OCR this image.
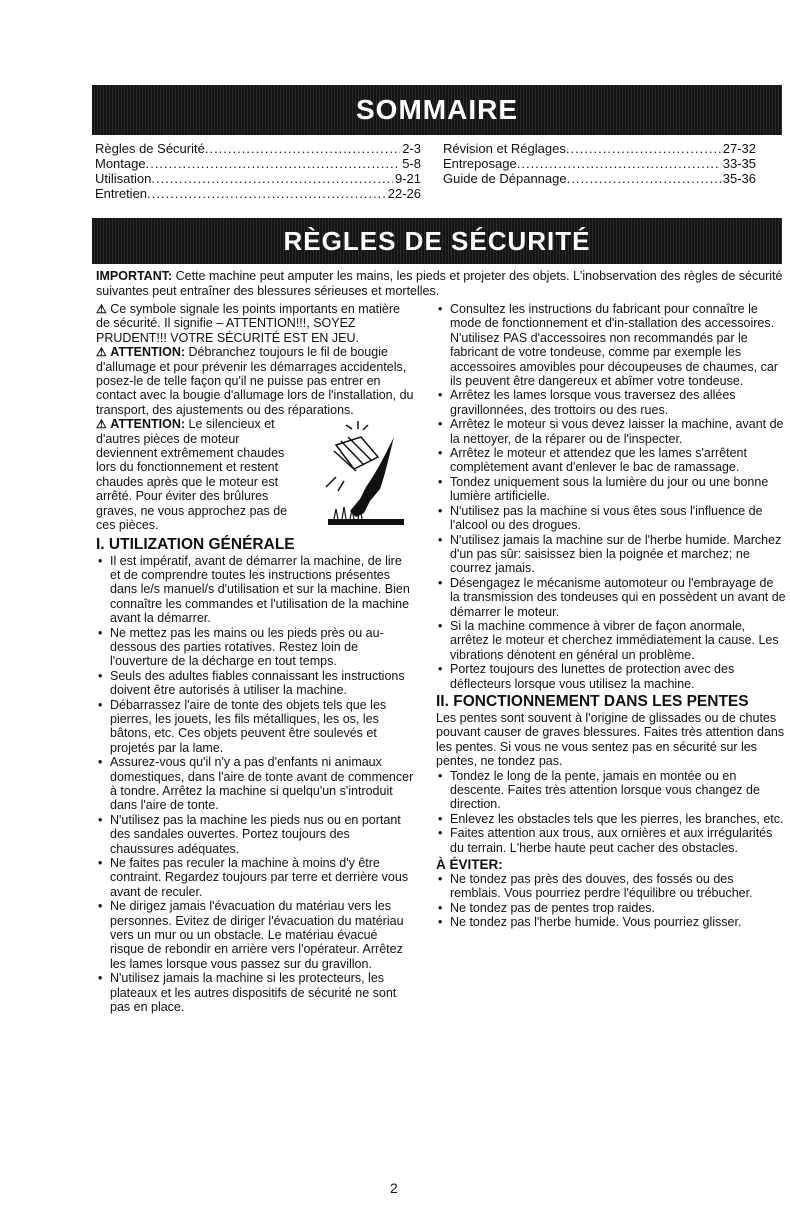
SOMMAIRE
Règles de Sécurité .....	2-3
Montage .....	5-8
Utilisation .....	9-21
Entretien .....	22-26
Révision et Réglages .....	27-32
Entreposage .....	33-35
Guide de Dépannage .....	35-36
RÈGLES DE SÉCURITÉ
IMPORTANT: Cette machine peut amputer les mains, les pieds et projeter des objets. L'inobservation des règles de sécurité suivantes peut entraîner des blessures sérieuses et mortelles.

⚠ Ce symbole signale les points importants en matière de sécurité. Il signifie – ATTENTION!!!, SOYEZ PRUDENT!!! VOTRE SÉCURITÉ EST EN JEU.

⚠ ATTENTION: Débranchez toujours le fil de bougie d'allumage et pour prévenir les démarrages accidentels, posez-le de telle façon qu'il ne puisse pas entrer en contact avec la bougie d'allumage lors de l'installation, du transport, des ajustements ou des réparations.

⚠ ATTENTION: Le silencieux et d'autres pièces de moteur deviennent extrêmement chaudes lors du fonctionnement et restent chaudes après que le moteur est arrêté. Pour éviter des brûlures graves, ne vous approchez pas de ces pièces.

I. UTILIZATION GÉNÉRALE
• Il est impératif, avant de démarrer la machine, de lire et de comprendre toutes les instructions présentes dans le/s manuel/s d'utilisation et sur la machine. Bien connaître les commandes et l'utilisation de la machine avant la démarrer.
• Ne mettez pas les mains ou les pieds près ou au-dessous des parties rotatives. Restez loin de l'ouverture de la décharge en tout temps.
• Seuls des adultes fiables connaissant les instructions doivent être autorisés à utiliser la machine.
• Débarrassez l'aire de tonte des objets tels que les pierres, les jouets, les fils métalliques, les os, les bâtons, etc. Ces objets peuvent être soulevés et projetés par la lame.
• Assurez-vous qu'il n'y a pas d'enfants ni animaux domestiques, dans l'aire de tonte avant de commencer à tondre. Arrêtez la machine si quelqu'un s'introduit dans l'aire de tonte.
• N'utilisez pas la machine les pieds nus ou en portant des sandales ouvertes. Portez toujours des chaussures adéquates.
• Ne faites pas reculer la machine à moins d'y être contraint. Regardez toujours par terre et derrière vous avant de reculer.
• Ne dirigez jamais l'évacuation du matériau vers les personnes. Evitez de diriger l'évacuation du matériau vers un mur ou un obstacle. Le matériau évacué risque de rebondir en arrière vers l'opérateur. Arrêtez les lames lorsque vous passez sur du gravillon.
• N'utilisez jamais la machine si les protecteurs, les plateaux et les autres dispositifs de sécurité ne sont pas en place.
• Consultez les instructions du fabricant pour connaître le mode de fonctionnement et d'in-stallation des accessoires. N'utilisez PAS d'accessoires non recommandés par le fabricant de votre tondeuse, comme par exemple les accessoires amovibles pour découpeuses de chaumes, car ils peuvent être dangereux et abîmer votre tondeuse.
• Arrêtez les lames lorsque vous traversez des allées gravillonnées, des trottoirs ou des rues.
• Arrêtez le moteur si vous devez laisser la machine, avant de la nettoyer, de la réparer ou de l'inspecter.
• Arrêtez le moteur et attendez que les lames s'arrêtent complètement avant d'enlever le bac de ramassage.
• Tondez uniquement sous la lumière du jour ou une bonne lumière artificielle.
• N'utilisez pas la machine si vous êtes sous l'influence de l'alcool ou des drogues.
• N'utilisez jamais la machine sur de l'herbe humide. Marchez d'un pas sûr: saisissez bien la poignée et marchez; ne courrez jamais.
• Désengagez le mécanisme automoteur ou l'embrayage de la transmission des tondeuses qui en possèdent un avant de démarrer le moteur.
• Si la machine commence à vibrer de façon anormale, arrêtez le moteur et cherchez immédiatement la cause. Les vibrations dénotent en général un problème.
• Portez toujours des lunettes de protection avec des déflecteurs lorsque vous utilisez la machine.
II. FONCTIONNEMENT DANS LES PENTES

Les pentes sont souvent à l'origine de glissades ou de chutes pouvant causer de graves blessures. Faites très attention dans les pentes. Si vous ne vous sentez pas en sécurité sur les pentes, ne tondez pas.

• Tondez le long de la pente, jamais en montée ou en descente. Faites très attention lorsque vous changez de direction.
• Enlevez les obstacles tels que les pierres, les branches, etc.
• Faites attention aux trous, aux ornières et aux irrégularités du terrain. L'herbe haute peut cacher des obstacles.
À ÉVITER:
• Ne tondez pas près des douves, des fossés ou des remblais. Vous pourriez perdre l'équilibre ou trébucher.
• Ne tondez pas de pentes trop raides.
• Ne tondez pas l'herbe humide. Vous pourriez glisser.
2
